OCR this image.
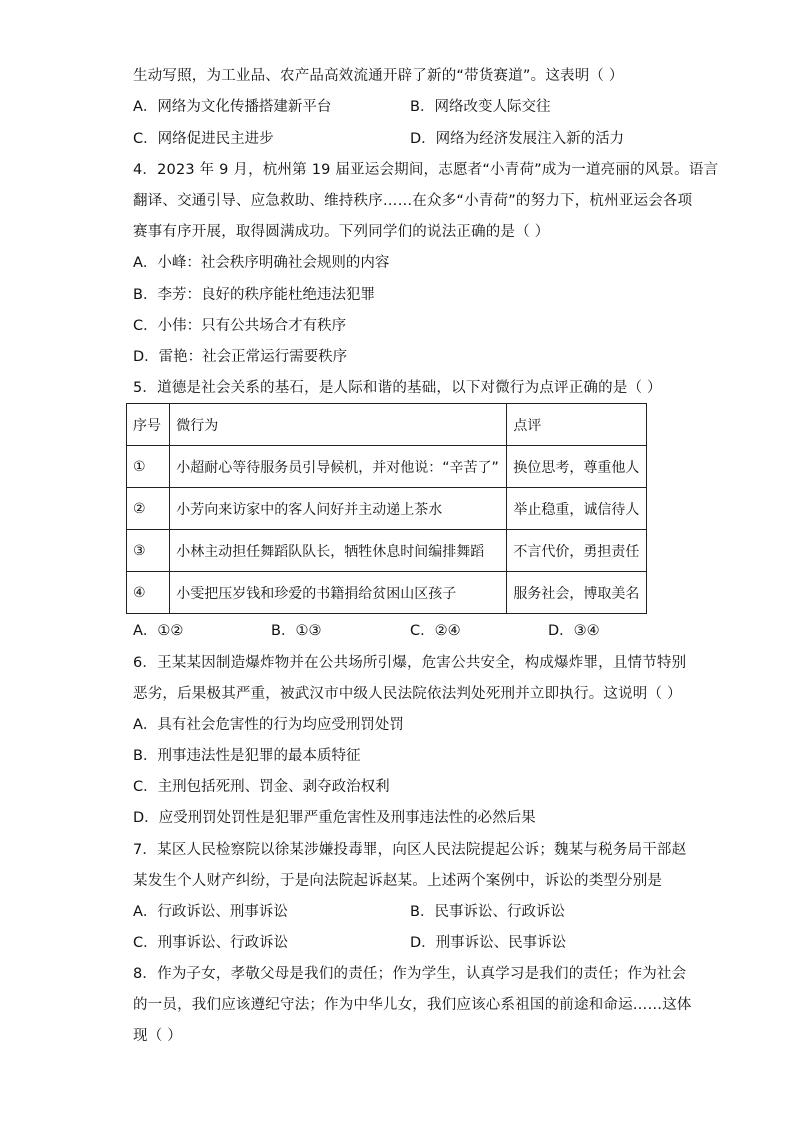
生动写照，为工业品、农产品高效流通开辟了新的“带货赛道”。这表明（ ）
A．网络为文化传播搭建新平台	B．网络改变人际交往
C．网络促进民主进步	D．网络为经济发展注入新的活力
4．2023 年 9 月，杭州第 19 届亚运会期间，志愿者“小青荷”成为一道亮丽的风景。语言
翻译、交通引导、应急救助、维持秩序……在众多“小青荷”的努力下，杭州亚运会各项
赛事有序开展，取得圆满成功。下列同学们的说法正确的是（ ）
A．小峰：社会秩序明确社会规则的内容
B．李芳：良好的秩序能杜绝违法犯罪
C．小伟：只有公共场合才有秩序
D．雷艳：社会正常运行需要秩序
5．道德是社会关系的基石，是人际和谐的基础，以下对微行为点评正确的是（ ）
序号	微行为	点评
①	小超耐心等待服务员引导候机，并对他说：“辛苦了”	换位思考，尊重他人
②	小芳向来访家中的客人问好并主动递上茶水	举止稳重，诚信待人
③	小林主动担任舞蹈队队长，牺牲休息时间编排舞蹈	不言代价，勇担责任
④	小雯把压岁钱和珍爱的书籍捐给贫困山区孩子	服务社会，博取美名
A．①②	B．①③	C．②④	D．③④
6．王某某因制造爆炸物并在公共场所引爆，危害公共安全，构成爆炸罪，且情节特别
恶劣，后果极其严重，被武汉市中级人民法院依法判处死刑并立即执行。这说明（ ）
A．具有社会危害性的行为均应受刑罚处罚
B．刑事违法性是犯罪的最本质特征
C．主刑包括死刑、罚金、剥夺政治权利
D．应受刑罚处罚性是犯罪严重危害性及刑事违法性的必然后果
7．某区人民检察院以徐某涉嫌投毒罪，向区人民法院提起公诉；魏某与税务局干部赵
某发生个人财产纠纷，于是向法院起诉赵某。上述两个案例中，诉讼的类型分别是
A．行政诉讼、刑事诉讼	B．民事诉讼、行政诉讼
C．刑事诉讼、行政诉讼	D．刑事诉讼、民事诉讼
8．作为子女，孝敬父母是我们的责任；作为学生，认真学习是我们的责任；作为社会
的一员，我们应该遵纪守法；作为中华儿女，我们应该心系祖国的前途和命运……这体
现（ ）
